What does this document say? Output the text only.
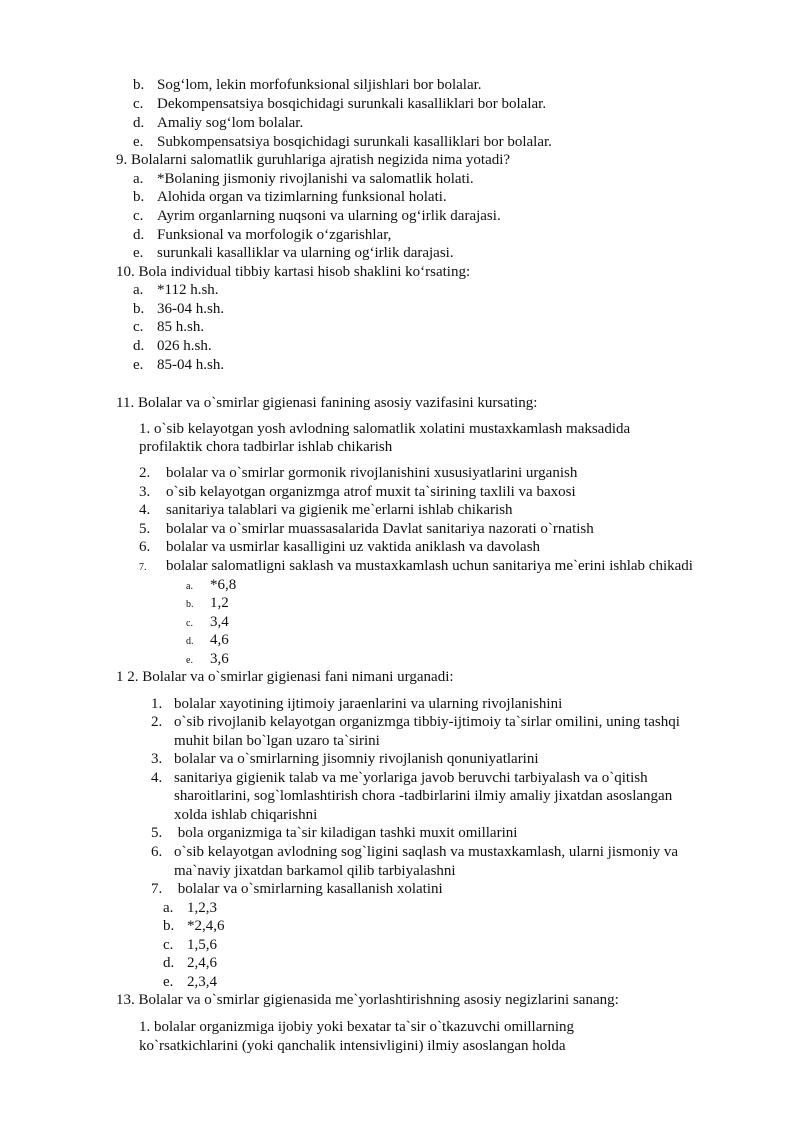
b. Sog‘lom, lekin morfofunksional siljishlari bor bolalar.
c. Dekompensatsiya bosqichidagi surunkali kasalliklari bor bolalar.
d. Amaliy sog‘lom bolalar.
e. Subkompensatsiya bosqichidagi surunkali kasalliklari bor bolalar.
9. Bolalarni salomatlik guruhlariga ajratish negizida nima yotadi?
a. *Bolaning jismoniy rivojlanishi va salomatlik holati.
b. Alohida organ va tizimlarning funksional holati.
c. Ayrim organlarning nuqsoni va ularning og‘irlik darajasi.
d. Funksional va morfologik o‘zgarishlar,
e. surunkali kasalliklar va ularning og‘irlik darajasi.
10. Bola individual tibbiy kartasi hisob shaklini ko‘rsating:
a. *112 h.sh.
b. 36-04 h.sh.
c. 85 h.sh.
d. 026 h.sh.
e. 85-04 h.sh.
11. Bolalar va o`smirlar gigienasi fanining asosiy vazifasini kursating:
1. o`sib kelayotgan yosh avlodning salomatlik xolatini mustaxkamlash maksadida
profilaktik chora tadbirlar ishlab chikarish
2. bolalar va o`smirlar gormonik rivojlanishini xususiyatlarini urganish
3. o`sib kelayotgan organizmga atrof muxit ta`sirining taxlili va baxosi
4. sanitariya talablari va gigienik me`erlarni ishlab chikarish
5. bolalar va o`smirlar muassasalarida Davlat sanitariya nazorati o`rnatish
6. bolalar va usmirlar kasalligini uz vaktida aniklash va davolash
7. bolalar salomatligni saklash va mustaxkamlash uchun sanitariya me`erini ishlab chikadi
a. *6,8
b. 1,2
c. 3,4
d. 4,6
e. 3,6
1 2. Bolalar va o`smirlar gigienasi fani nimani urganadi:
1. bolalar xayotining ijtimoiy jaraenlarini va ularning rivojlanishini
2. o`sib rivojlanib kelayotgan organizmga tibbiy-ijtimoiy ta`sirlar omilini, uning tashqi
muhit bilan bo`lgan uzaro ta`sirini
3. bolalar va o`smirlarning jisomniy rivojlanish qonuniyatlarini
4. sanitariya gigienik talab va me`yorlariga javob beruvchi tarbiyalash va o`qitish
sharoitlarini, sog`lomlashtirish chora -tadbirlarini ilmiy amaliy jixatdan asoslangan
xolda ishlab chiqarishni
5. bola organizmiga ta`sir kiladigan tashki muxit omillarini
6. o`sib kelayotgan avlodning sog`ligini saqlash va mustaxkamlash, ularni jismoniy va
ma`naviy jixatdan barkamol qilib tarbiyalashni
7. bolalar va o`smirlarning kasallanish xolatini
a. 1,2,3
b. *2,4,6
c. 1,5,6
d. 2,4,6
e. 2,3,4
13. Bolalar va o`smirlar gigienasida me`yorlashtirishning asosiy negizlarini sanang:
1. bolalar organizmiga ijobiy yoki bexatar ta`sir o`tkazuvchi omillarning
ko`rsatkichlarini (yoki qanchalik intensivligini) ilmiy asoslangan holda
